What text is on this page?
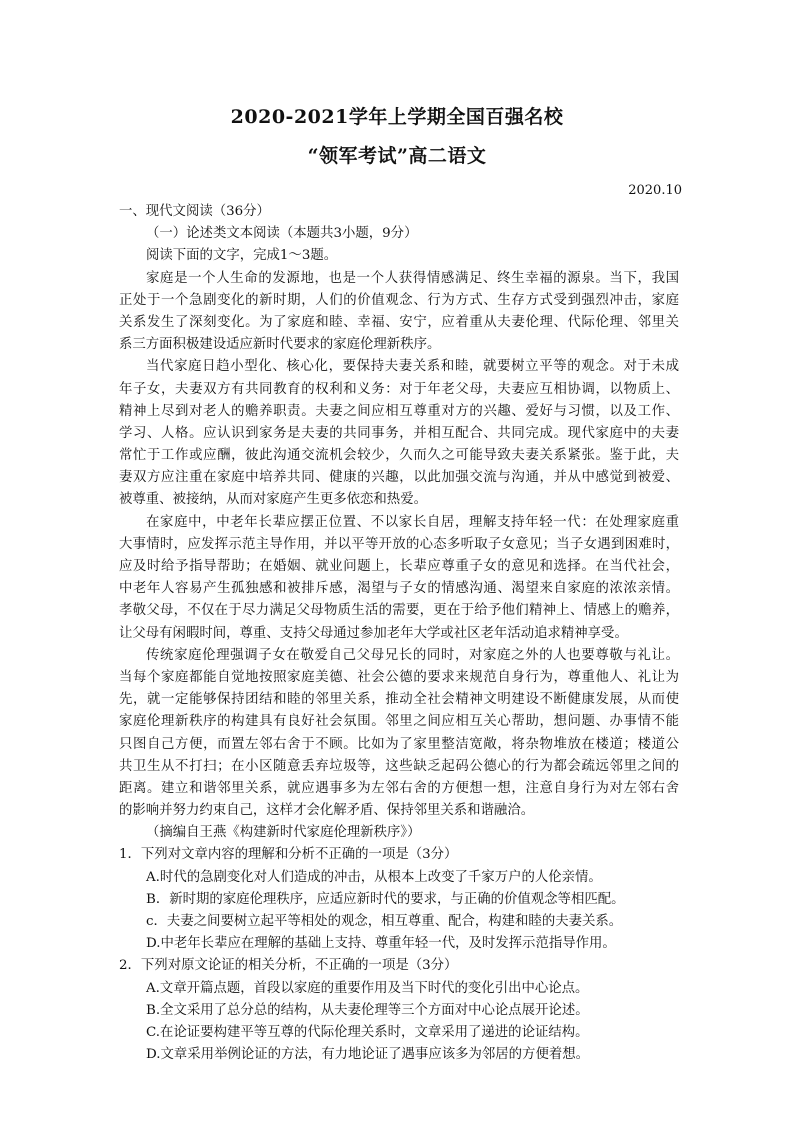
2020-2021学年上学期全国百强名校
“领军考试”高二语文
2020.10
一、现代文阅读（36分）
（一）论述类文本阅读（本题共3小题，9分）
阅读下面的文字，完成1～3题。
家庭是一个人生命的发源地，也是一个人获得情感满足、终生幸福的源泉。当下，我国
正处于一个急剧变化的新时期，人们的价值观念、行为方式、生存方式受到强烈冲击，家庭
关系发生了深刻变化。为了家庭和睦、幸福、安宁，应着重从夫妻伦理、代际伦理、邻里关
系三方面积极建设适应新时代要求的家庭伦理新秩序。
当代家庭日趋小型化、核心化，要保持夫妻关系和睦，就要树立平等的观念。对于未成
年子女，夫妻双方有共同教育的权利和义务：对于年老父母，夫妻应互相协调，以物质上、
精神上尽到对老人的赡养职责。夫妻之间应相互尊重对方的兴趣、爱好与习惯，以及工作、
学习、人格。应认识到家务是夫妻的共同事务，并相互配合、共同完成。现代家庭中的夫妻
常忙于工作或应酬，彼此沟通交流机会较少，久而久之可能导致夫妻关系紧张。鉴于此，夫
妻双方应注重在家庭中培养共同、健康的兴趣，以此加强交流与沟通，并从中感觉到被爱、
被尊重、被接纳，从而对家庭产生更多依恋和热爱。
在家庭中，中老年长辈应摆正位置、不以家长自居，理解支持年轻一代：在处理家庭重
大事情时，应发挥示范主导作用，并以平等开放的心态多听取子女意见；当子女遇到困难时，
应及时给予指导帮助；在婚姻、就业问题上，长辈应尊重子女的意见和选择。在当代社会，
中老年人容易产生孤独感和被排斥感，渴望与子女的情感沟通、渴望来自家庭的浓浓亲情。
孝敬父母，不仅在于尽力满足父母物质生活的需要，更在于给予他们精神上、情感上的赡养，
让父母有闲暇时间，尊重、支持父母通过参加老年大学或社区老年活动追求精神享受。
传统家庭伦理强调子女在敬爱自己父母兄长的同时，对家庭之外的人也要尊敬与礼让。
当每个家庭都能自觉地按照家庭美德、社会公德的要求来规范自身行为，尊重他人、礼让为
先，就一定能够保持团结和睦的邻里关系，推动全社会精神文明建设不断健康发展，从而使
家庭伦理新秩序的构建具有良好社会氛围。邻里之间应相互关心帮助，想问题、办事情不能
只图自己方便，而置左邻右舍于不顾。比如为了家里整洁宽敞，将杂物堆放在楼道；楼道公
共卫生从不打扫；在小区随意丢弃垃圾等，这些缺乏起码公德心的行为都会疏远邻里之间的
距离。建立和谐邻里关系，就应遇事多为左邻右舍的方便想一想，注意自身行为对左邻右舍
的影响并努力约束自己，这样才会化解矛盾、保持邻里关系和谐融洽。
（摘编自王燕《构建新时代家庭伦理新秩序》）
1．下列对文章内容的理解和分析不正确的一项是（3分）
A.时代的急剧变化对人们造成的冲击，从根本上改变了千家万户的人伦亲情。
B．新时期的家庭伦理秩序，应适应新时代的要求，与正确的价值观念等相匹配。
c．夫妻之间要树立起平等相处的观念，相互尊重、配合，构建和睦的夫妻关系。
D.中老年长辈应在理解的基础上支持、尊重年轻一代，及时发挥示范指导作用。
2．下列对原文论证的相关分析，不正确的一项是（3分）
A.文章开篇点题，首段以家庭的重要作用及当下时代的变化引出中心论点。
B.全文采用了总分总的结构，从夫妻伦理等三个方面对中心论点展开论述。
C.在论证要构建平等互尊的代际伦理关系时，文章采用了递进的论证结构。
D.文章采用举例论证的方法，有力地论证了遇事应该多为邻居的方便着想。
